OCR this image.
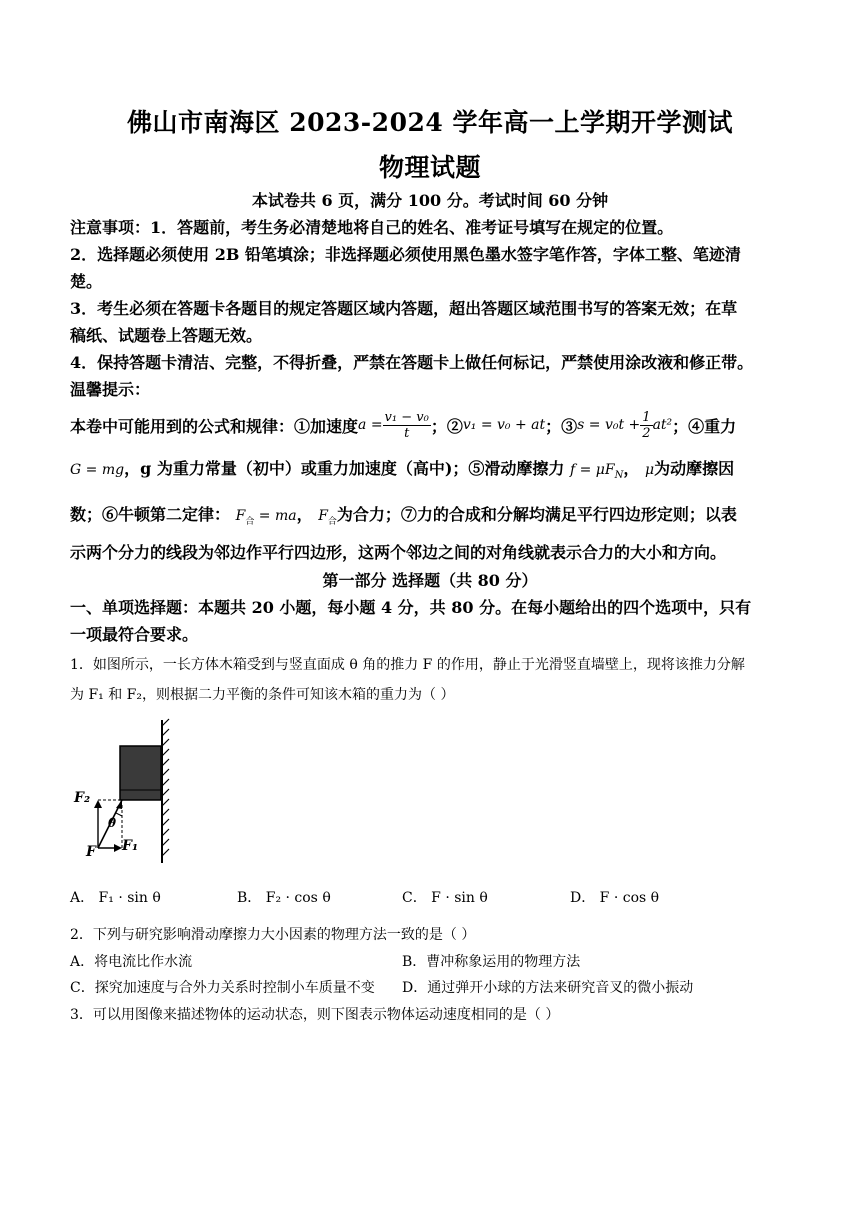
佛山市南海区 2023-2024 学年高一上学期开学测试
物理试题
本试卷共 6 页，满分 100 分。考试时间 60 分钟
注意事项：1．答题前，考生务必清楚地将自己的姓名、准考证号填写在规定的位置。
2．选择题必须使用 2B 铅笔填涂；非选择题必须使用黑色墨水签字笔作答，字体工整、笔迹清
楚。
3．考生必须在答题卡各题目的规定答题区域内答题，超出答题区域范围书写的答案无效；在草
稿纸、试题卷上答题无效。
4．保持答题卡清洁、完整，不得折叠，严禁在答题卡上做任何标记，严禁使用涂改液和修正带。
温馨提示：
本卷中可能用到的公式和规律：①加速度 $a = \frac{\text{v₁ − v₀}}{t}$ ；② v₁ = v₀ + at ；③ $s = v_0t + \frac{1}{2} at^2$ ；④重力
G = mg，g 为重力常量（初中）或重力加速度（高中)；⑤滑动摩擦力 $f = \mu F_N$， μ为动摩擦因
数；⑥牛顿第二定律： $F_合$ = ma， $F_合$为合力；⑦力的合成和分解均满足平行四边形定则；以表
示两个分力的线段为邻边作平行四边形，这两个邻边之间的对角线就表示合力的大小和方向。
第一部分 选择题（共 80 分）
一、单项选择题：本题共 20 小题，每小题 4 分，共 80 分。在每小题给出的四个选项中，只有
一项最符合要求。
1．如图所示，一长方体木箱受到与竖直面成 θ 角的推力 F 的作用，静止于光滑竖直墙壁上，现将该推力分解
为 F₁ 和 F₂，则根据二力平衡的条件可知该木箱的重力为（ ）
F₂
θ
F F₁
A． F₁ · sin θ	B． F₂ · cos θ	C． F · sin θ	D． F · cos θ
2．下列与研究影响滑动摩擦力大小因素的物理方法一致的是（ ）
A．将电流比作水流	B．曹冲称象运用的物理方法
C．探究加速度与合外力关系时控制小车质量不变 D．通过弹开小球的方法来研究音叉的微小振动
3．可以用图像来描述物体的运动状态，则下图表示物体运动速度相同的是（ ）
